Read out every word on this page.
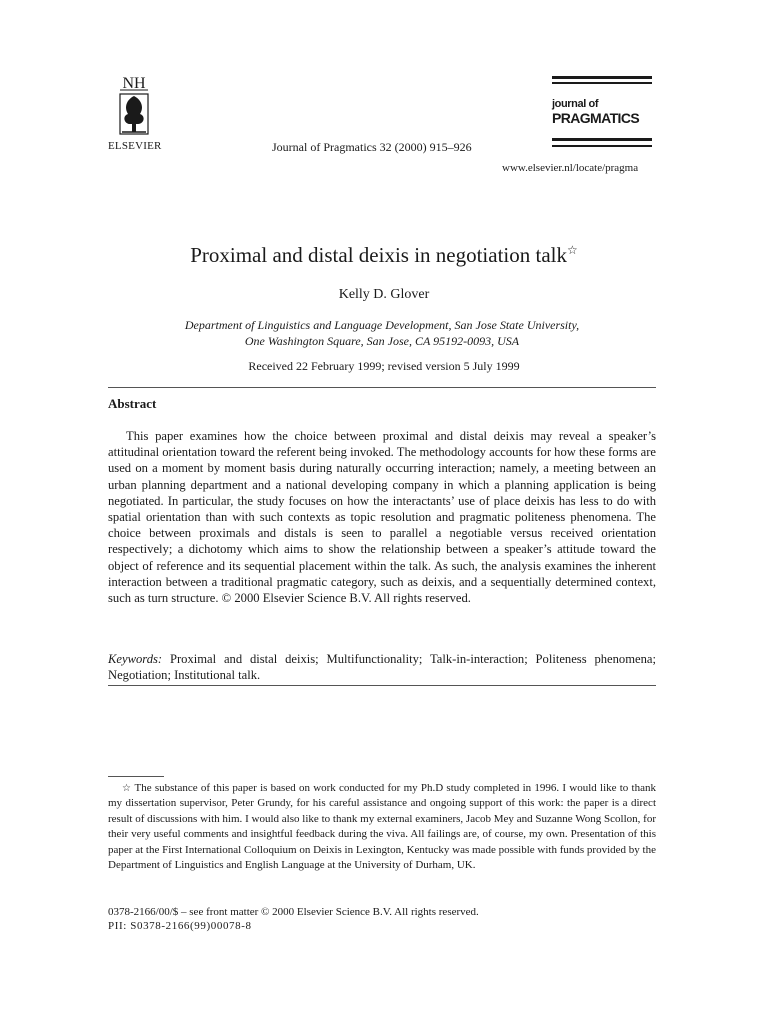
NH
ELSEVIER	Journal of Pragmatics 32 (2000) 915–926
journal of
PRAGMATICS
www.elsevier.nl/locate/pragma
Proximal and distal deixis in negotiation talk☆
Kelly D. Glover
Department of Linguistics and Language Development, San Jose State University,
One Washington Square, San Jose, CA 95192-0093, USA
Received 22 February 1999; revised version 5 July 1999
Abstract
This paper examines how the choice between proximal and distal deixis may reveal a speaker’s attitudinal orientation toward the referent being invoked. The methodology accounts for how these forms are used on a moment by moment basis during naturally occurring interaction; namely, a meeting between an urban planning department and a national developing company in which a planning application is being negotiated. In particular, the study focuses on how the interactants’ use of place deixis has less to do with spatial orientation than with such contexts as topic resolution and pragmatic politeness phenomena. The choice between proximals and distals is seen to parallel a negotiable versus received orientation respectively; a dichotomy which aims to show the relationship between a speaker’s attitude toward the object of reference and its sequential placement within the talk. As such, the analysis examines the inherent interaction between a traditional pragmatic category, such as deixis, and a sequentially determined context, such as turn structure. © 2000 Elsevier Science B.V. All rights reserved.
Keywords: Proximal and distal deixis; Multifunctionality; Talk-in-interaction; Politeness phenomena; Negotiation; Institutional talk.
☆ The substance of this paper is based on work conducted for my Ph.D study completed in 1996. I would like to thank my dissertation supervisor, Peter Grundy, for his careful assistance and ongoing support of this work: the paper is a direct result of discussions with him. I would also like to thank my external examiners, Jacob Mey and Suzanne Wong Scollon, for their very useful comments and insightful feedback during the viva. All failings are, of course, my own. Presentation of this paper at the First International Colloquium on Deixis in Lexington, Kentucky was made possible with funds provided by the Department of Linguistics and English Language at the University of Durham, UK.
0378-2166/00/$ – see front matter © 2000 Elsevier Science B.V. All rights reserved.
PII: S0378-2166(99)00078-8
